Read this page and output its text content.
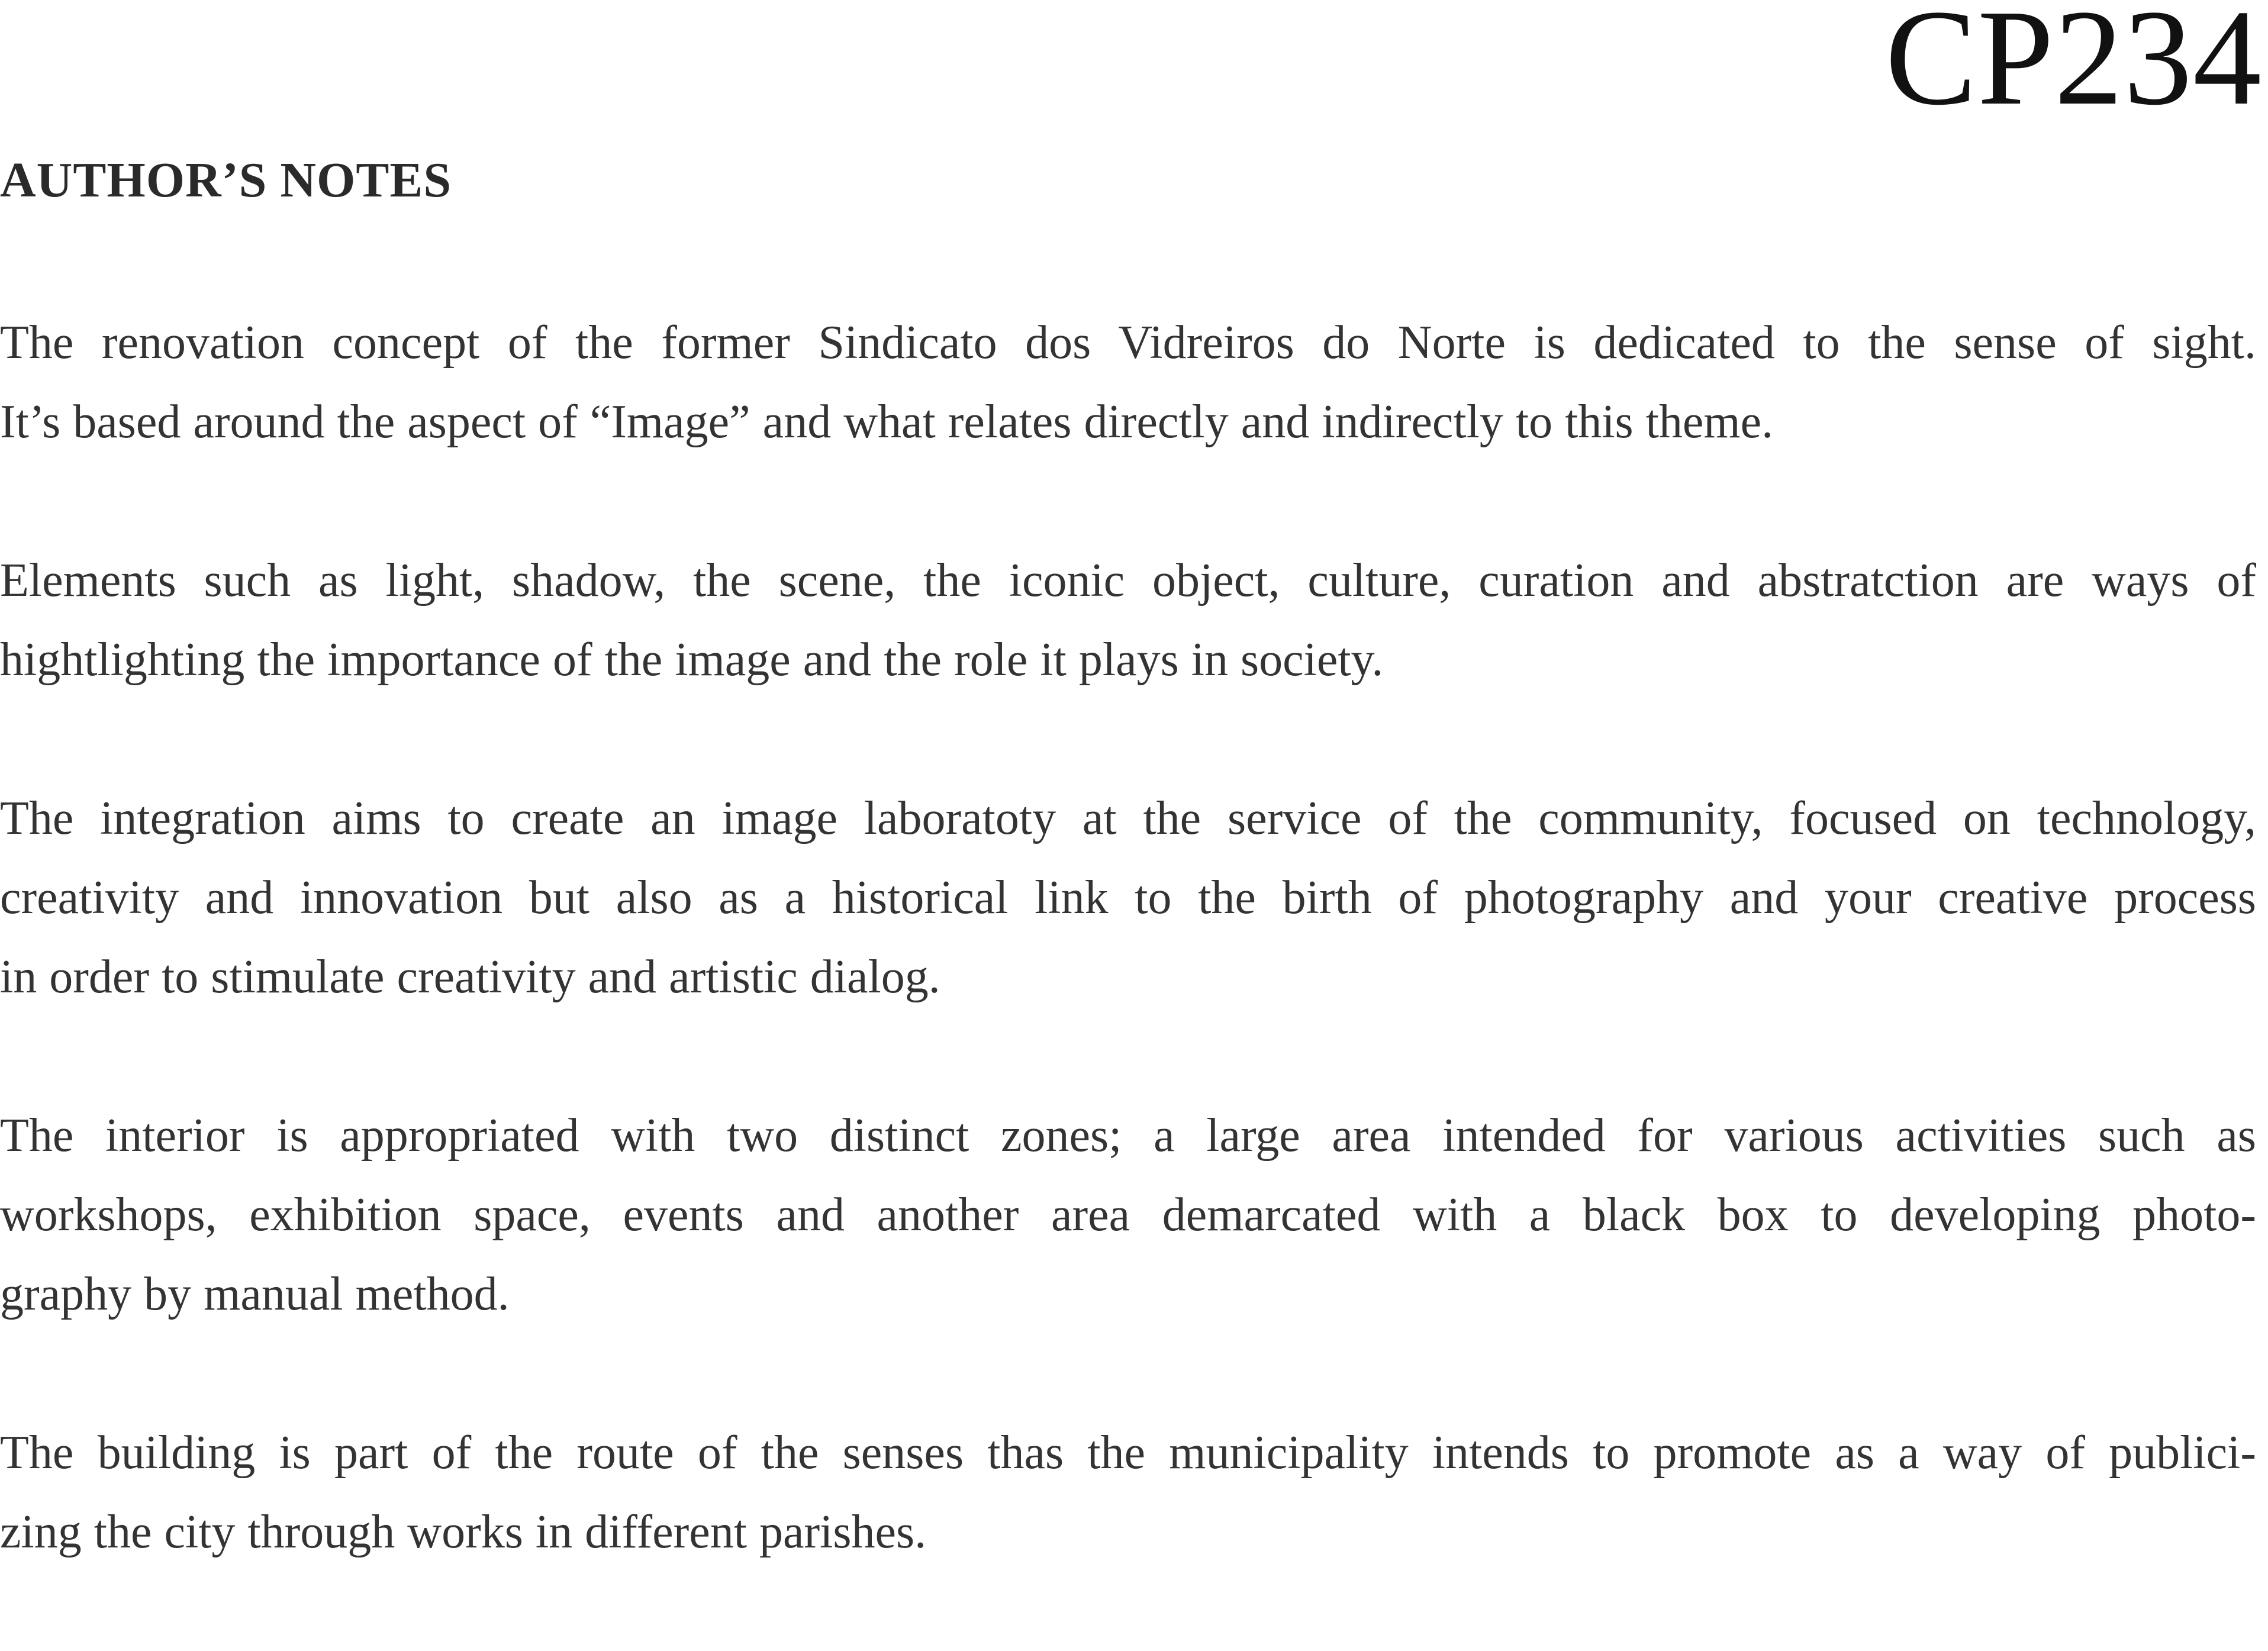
CP234
AUTHOR’S NOTES

The renovation concept of the former Sindicato dos Vidreiros do Norte is dedicated to the sense of sight.
It’s based around the aspect of “Image” and what relates directly and indirectly to this theme.

Elements such as light, shadow, the scene, the iconic object, culture, curation and abstratction are ways of
hightlighting the importance of the image and the role it plays in society.

The integration aims to create an image laboratoty at the service of the community, focused on technology,
creativity and innovation but also as a historical link to the birth of photography and your creative process
in order to stimulate creativity and artistic dialog.

The interior is appropriated with two distinct zones; a large area intended for various activities such as
workshops, exhibition space, events and another area demarcated with a black box to developing photo-
graphy by manual method.

The building is part of the route of the senses thas the municipality intends to promote as a way of publici-
zing the city through works in different parishes.
